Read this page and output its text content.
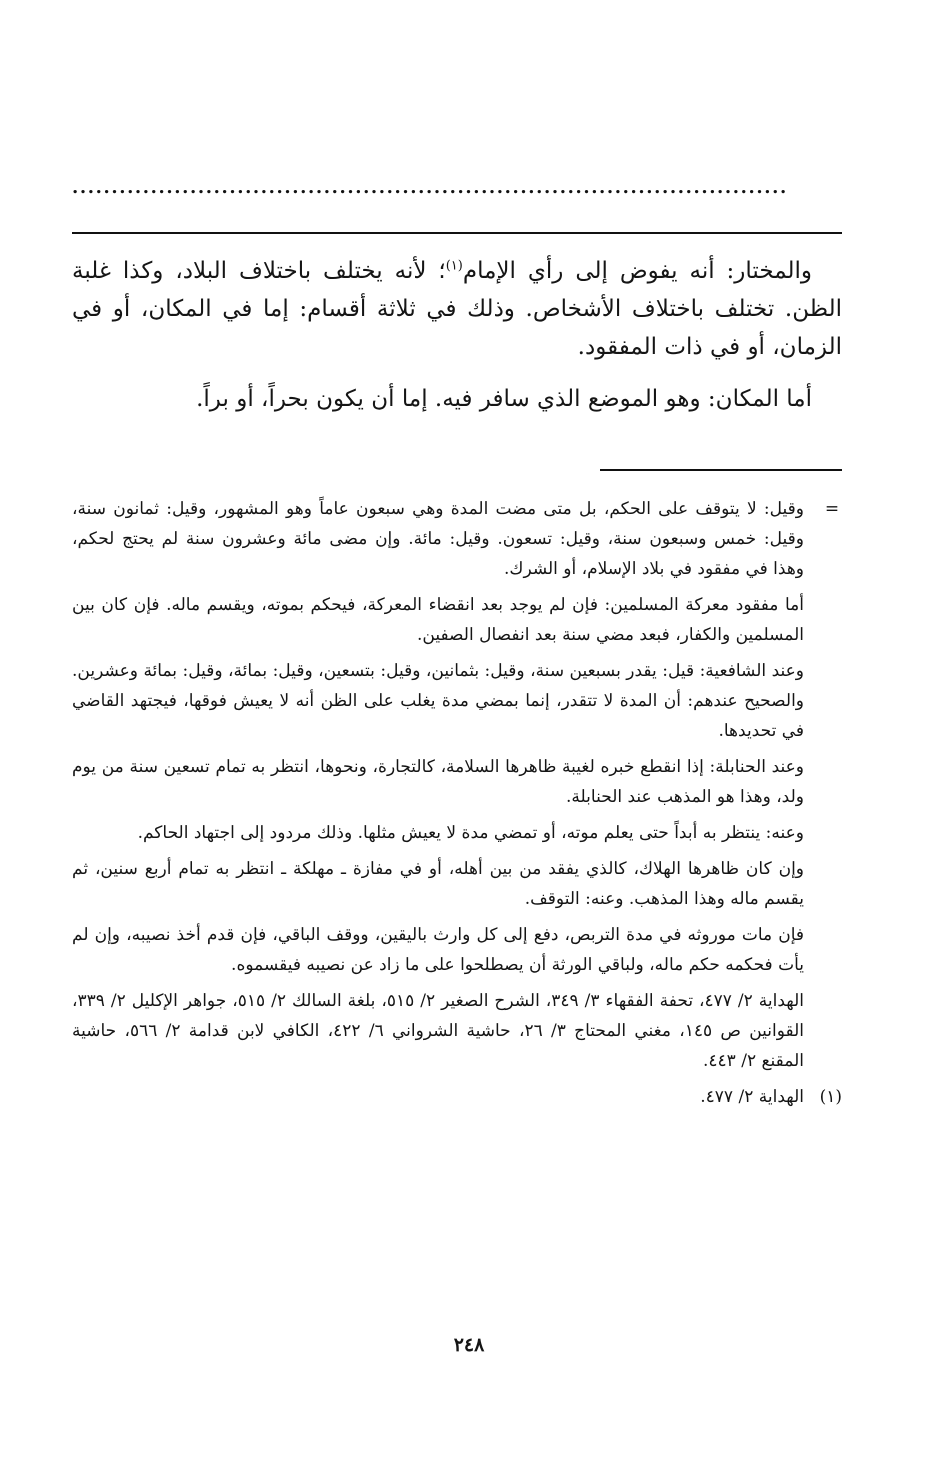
...........................................................................................

والمختار: أنه يفوض إلى رأي الإمام$^{(١)}$؛ لأنه يختلف باختلاف البلاد، وكذا غلبة الظن. تختلف باختلاف الأشخاص. وذلك في ثلاثة أقسام: إما في المكان، أو في الزمان، أو في ذات المفقود.

أما المكان: وهو الموضع الذي سافر فيه. إما أن يكون بحراً، أو براً.

=

وقيل: لا يتوقف على الحكم، بل متى مضت المدة وهي سبعون عاماً وهو المشهور، وقيل: ثمانون سنة، وقيل: خمس وسبعون سنة، وقيل: تسعون. وقيل: مائة. وإن مضى مائة وعشرون سنة لم يحتج لحكم، وهذا في مفقود في بلاد الإسلام، أو الشرك.

أما مفقود معركة المسلمين: فإن لم يوجد بعد انقضاء المعركة، فيحكم بموته، ويقسم ماله. فإن كان بين المسلمين والكفار، فبعد مضي سنة بعد انفصال الصفين.

وعند الشافعية: قيل: يقدر بسبعين سنة، وقيل: بثمانين، وقيل: بتسعين، وقيل: بمائة، وقيل: بمائة وعشرين. والصحيح عندهم: أن المدة لا تتقدر، إنما بمضي مدة يغلب على الظن أنه لا يعيش فوقها، فيجتهد القاضي في تحديدها.

وعند الحنابلة: إذا انقطع خبره لغيبة ظاهرها السلامة، كالتجارة، ونحوها، انتظر به تمام تسعين سنة من يوم ولد، وهذا هو المذهب عند الحنابلة.

وعنه: ينتظر به أبداً حتى يعلم موته، أو تمضي مدة لا يعيش مثلها. وذلك مردود إلى اجتهاد الحاكم.

وإن كان ظاهرها الهلاك، كالذي يفقد من بين أهله، أو في مفازة ـ مهلكة ـ انتظر به تمام أربع سنين، ثم يقسم ماله وهذا المذهب. وعنه: التوقف.

فإن مات موروثه في مدة التربص، دفع إلى كل وارث باليقين، ووقف الباقي، فإن قدم أخذ نصيبه، وإن لم يأت فحكمه حكم ماله، ولباقي الورثة أن يصطلحوا على ما زاد عن نصيبه فيقسموه.

الهداية ٢/ ٤٧٧، تحفة الفقهاء ٣/ ٣٤٩، الشرح الصغير ٢/ ٥١٥، بلغة السالك ٢/ ٥١٥، جواهر الإكليل ٢/ ٣٣٩، القوانين ص ١٤٥، مغني المحتاج ٣/ ٢٦، حاشية الشرواني ٦/ ٤٢٢، الكافي لابن قدامة ٢/ ٥٦٦، حاشية المقنع ٢/ ٤٤٣.

(١)

الهداية ٢/ ٤٧٧.

٢٤٨
